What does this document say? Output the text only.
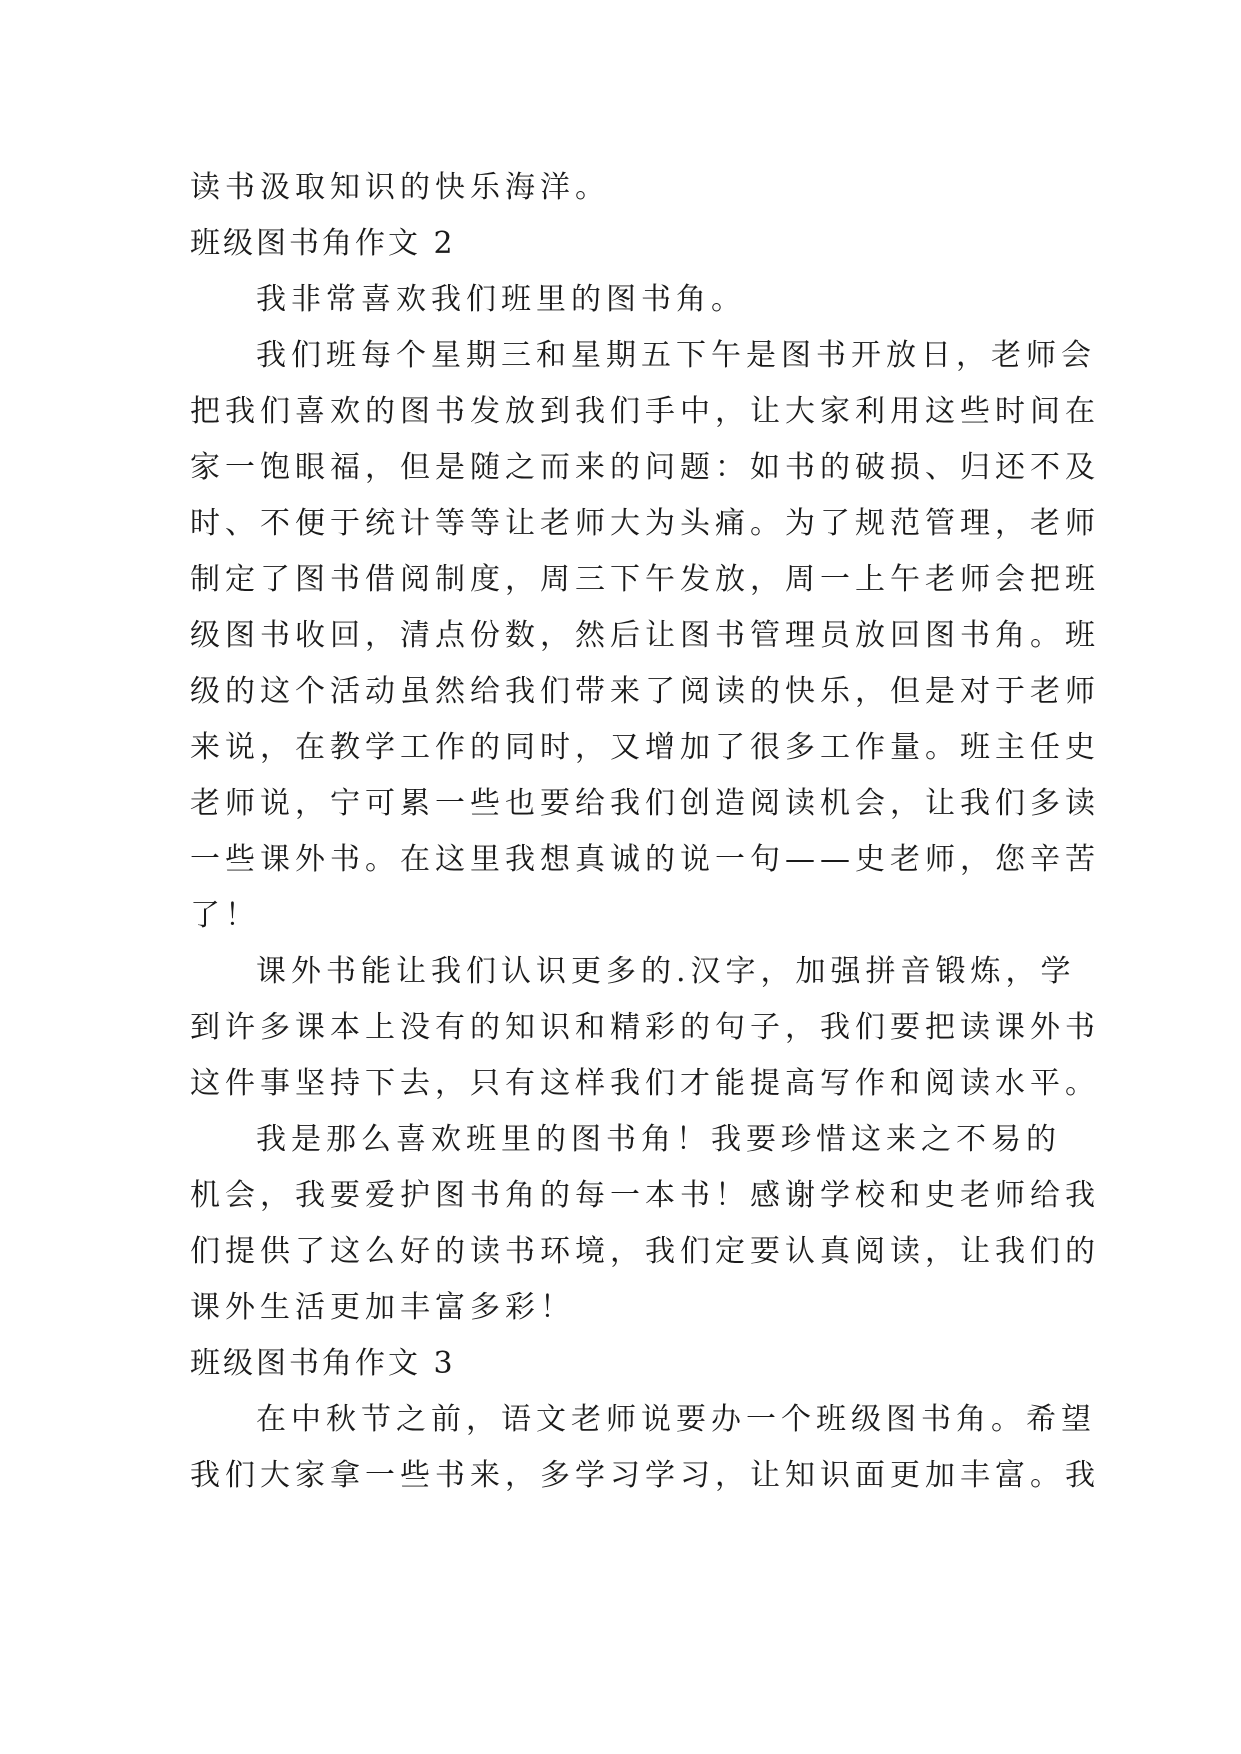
读书汲取知识的快乐海洋。

班级图书角作文 2

我非常喜欢我们班里的图书角。

我们班每个星期三和星期五下午是图书开放日，老师会

把我们喜欢的图书发放到我们手中，让大家利用这些时间在

家一饱眼福，但是随之而来的问题：如书的破损、归还不及

时、不便于统计等等让老师大为头痛。为了规范管理，老师

制定了图书借阅制度，周三下午发放，周一上午老师会把班

级图书收回，清点份数，然后让图书管理员放回图书角。班

级的这个活动虽然给我们带来了阅读的快乐，但是对于老师

来说，在教学工作的同时，又增加了很多工作量。班主任史

老师说，宁可累一些也要给我们创造阅读机会，让我们多读

一些课外书。在这里我想真诚的说一句——史老师，您辛苦

了！

课外书能让我们认识更多的.汉字，加强拼音锻炼，学

到许多课本上没有的知识和精彩的句子，我们要把读课外书

这件事坚持下去，只有这样我们才能提高写作和阅读水平。

我是那么喜欢班里的图书角！我要珍惜这来之不易的

机会，我要爱护图书角的每一本书！感谢学校和史老师给我

们提供了这么好的读书环境，我们定要认真阅读，让我们的

课外生活更加丰富多彩！

班级图书角作文 3

在中秋节之前，语文老师说要办一个班级图书角。希望

我们大家拿一些书来，多学习学习，让知识面更加丰富。我
